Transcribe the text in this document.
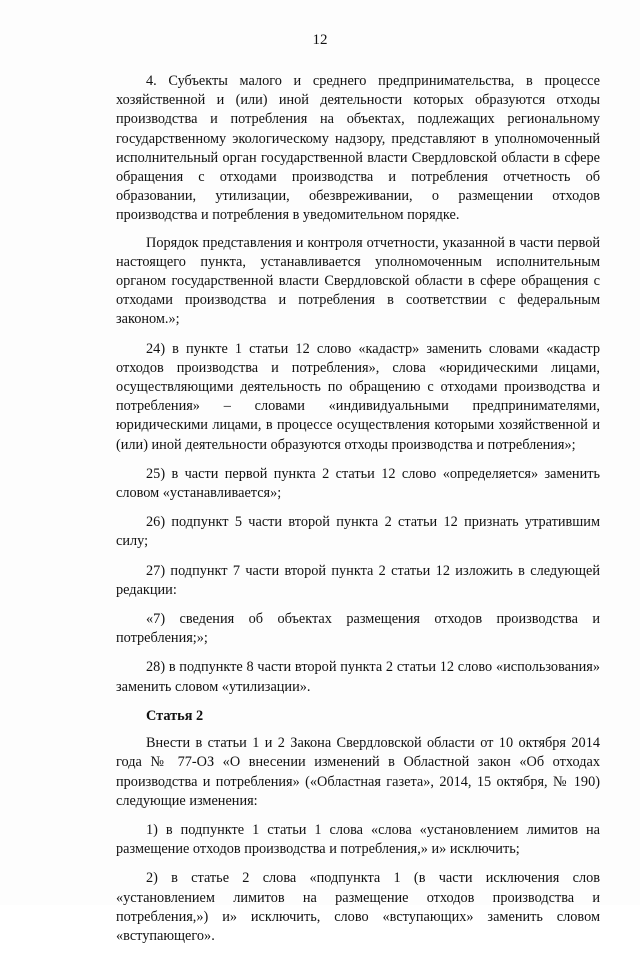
12

4. Субъекты малого и среднего предпринимательства, в процессе хозяйственной и (или) иной деятельности которых образуются отходы производства и потребления на объектах, подлежащих региональному государственному экологическому надзору, представляют в уполномоченный исполнительный орган государственной власти Свердловской области в сфере обращения с отходами производства и потребления отчетность об образовании, утилизации, обезвреживании, о размещении отходов производства и потребления в уведомительном порядке.

Порядок представления и контроля отчетности, указанной в части первой настоящего пункта, устанавливается уполномоченным исполнительным органом государственной власти Свердловской области в сфере обращения с отходами производства и потребления в соответствии с федеральным законом.»;

24) в пункте 1 статьи 12 слово «кадастр» заменить словами «кадастр отходов производства и потребления», слова «юридическими лицами, осуществляющими деятельность по обращению с отходами производства и потребления» – словами «индивидуальными предпринимателями, юридическими лицами, в процессе осуществления которыми хозяйственной и (или) иной деятельности образуются отходы производства и потребления»;

25) в части первой пункта 2 статьи 12 слово «определяется» заменить словом «устанавливается»;

26) подпункт 5 части второй пункта 2 статьи 12 признать утратившим силу;

27) подпункт 7 части второй пункта 2 статьи 12 изложить в следующей редакции:

«7) сведения об объектах размещения отходов производства и потребления;»;

28) в подпункте 8 части второй пункта 2 статьи 12 слово «использования» заменить словом «утилизации».

Статья 2

Внести в статьи 1 и 2 Закона Свердловской области от 10 октября 2014 года № 77-ОЗ «О внесении изменений в Областной закон «Об отходах производства и потребления» («Областная газета», 2014, 15 октября, № 190) следующие изменения:

1) в подпункте 1 статьи 1 слова «слова «установлением лимитов на размещение отходов производства и потребления,» и» исключить;

2) в статье 2 слова «подпункта 1 (в части исключения слов «установлением лимитов на размещение отходов производства и потребления,») и» исключить, слово «вступающих» заменить словом «вступающего».
